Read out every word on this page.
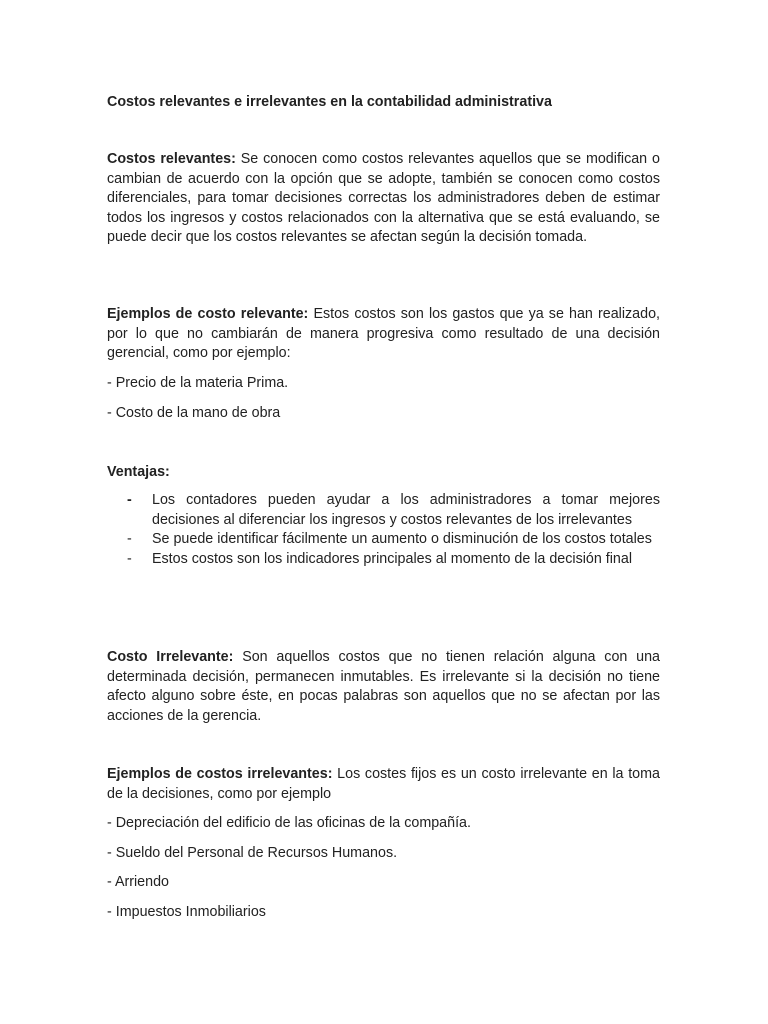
Costos relevantes e irrelevantes en la contabilidad administrativa

Costos relevantes: Se conocen como costos relevantes aquellos que se modifican o cambian de acuerdo con la opción que se adopte, también se conocen como costos diferenciales, para tomar decisiones correctas los administradores deben de estimar todos los ingresos y costos relacionados con la alternativa que se está evaluando, se puede decir que los costos relevantes se afectan según la decisión tomada.

Ejemplos de costo relevante: Estos costos son los gastos que ya se han realizado, por lo que no cambiarán de manera progresiva como resultado de una decisión gerencial, como por ejemplo:

- Precio de la materia Prima.
- Costo de la mano de obra
Ventajas:
- Los contadores pueden ayudar a los administradores a tomar mejores decisiones al diferenciar los ingresos y costos relevantes de los irrelevantes
- Se puede identificar fácilmente un aumento o disminución de los costos totales
- Estos costos son los indicadores principales al momento de la decisión final

Costo Irrelevante: Son aquellos costos que no tienen relación alguna con una determinada decisión, permanecen inmutables. Es irrelevante si la decisión no tiene afecto alguno sobre éste, en pocas palabras son aquellos que no se afectan por las acciones de la gerencia.

Ejemplos de costos irrelevantes: Los costes fijos es un costo irrelevante en la toma de la decisiones, como por ejemplo

- Depreciación del edificio de las oficinas de la compañía.
- Sueldo del Personal de Recursos Humanos.
- Arriendo
- Impuestos Inmobiliarios
